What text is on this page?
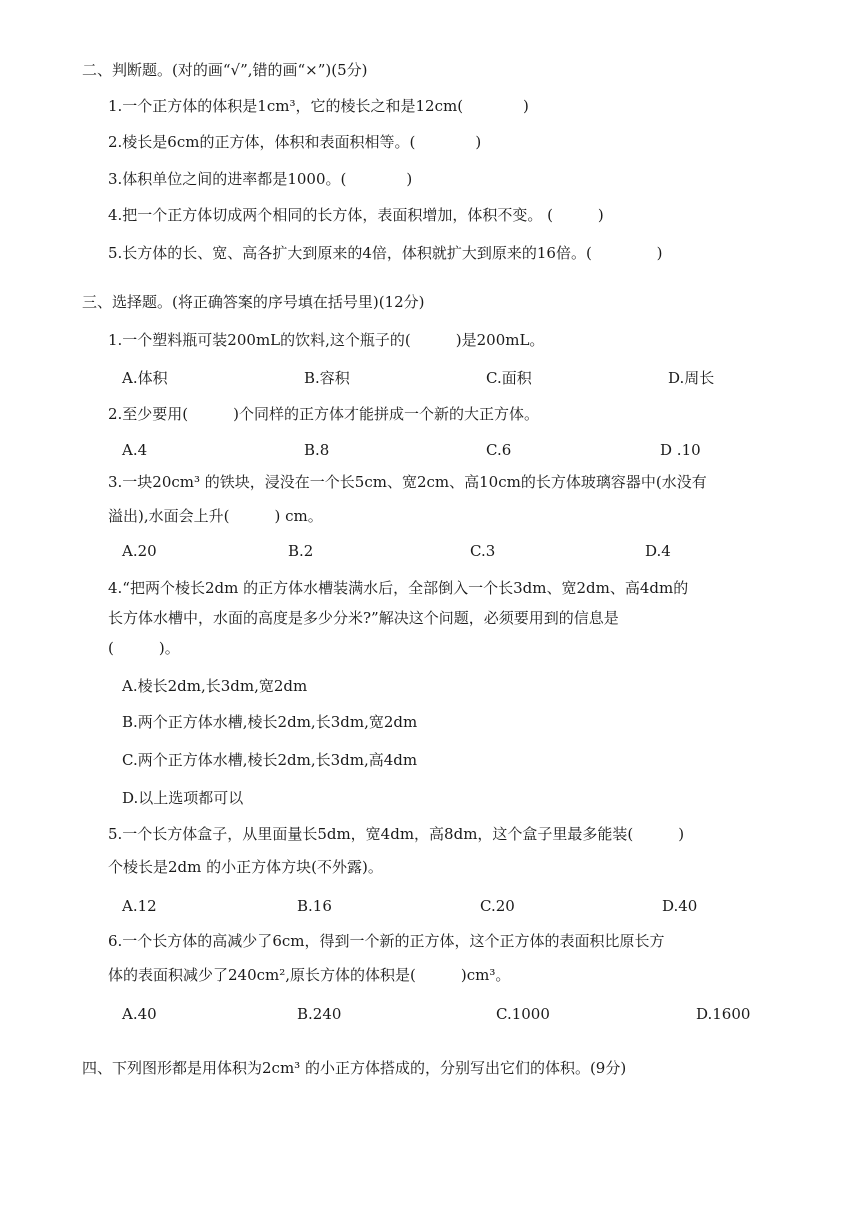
二、判断题。(对的画“√”,错的画“×”)(5分)
1.一个正方体的体积是1cm³，它的棱长之和是12cm(　　　　)
2.棱长是6cm的正方体，体积和表面积相等。(　　　　)
3.体积单位之间的进率都是1000。(　　　　)
4.把一个正方体切成两个相同的长方体，表面积增加，体积不变。 (　　　)
5.长方体的长、宽、高各扩大到原来的4倍，体积就扩大到原来的16倍。(　　　　 )
三、选择题。(将正确答案的序号填在括号里)(12分)
1.一个塑料瓶可装200mL的饮料,这个瓶子的(　　　)是200mL。
A.体积	B.容积	C.面积	D.周长
2.至少要用(　　　)个同样的正方体才能拼成一个新的大正方体。
A.4	B.8	C.6	D .10
3.一块20cm³ 的铁块，浸没在一个长5cm、宽2cm、高10cm的长方体玻璃容器中(水没有
溢出),水面会上升(　　　) cm。
A.20	B.2	C.3	D.4
4.“把两个棱长2dm 的正方体水槽装满水后，全部倒入一个长3dm、宽2dm、高4dm的
长方体水槽中，水面的高度是多少分米?”解决这个问题，必须要用到的信息是
(　　　)。
A.棱长2dm,长3dm,宽2dm
B.两个正方体水槽,棱长2dm,长3dm,宽2dm
C.两个正方体水槽,棱长2dm,长3dm,高4dm
D.以上选项都可以
5.一个长方体盒子，从里面量长5dm，宽4dm，高8dm，这个盒子里最多能装(　　　)
个棱长是2dm 的小正方体方块(不外露)。
A.12	B.16	C.20	D.40
6.一个长方体的高减少了6cm，得到一个新的正方体，这个正方体的表面积比原长方
体的表面积减少了240cm²,原长方体的体积是(　　　)cm³。
A.40	B.240	C.1000	D.1600
四、下列图形都是用体积为2cm³ 的小正方体搭成的，分别写出它们的体积。(9分)
